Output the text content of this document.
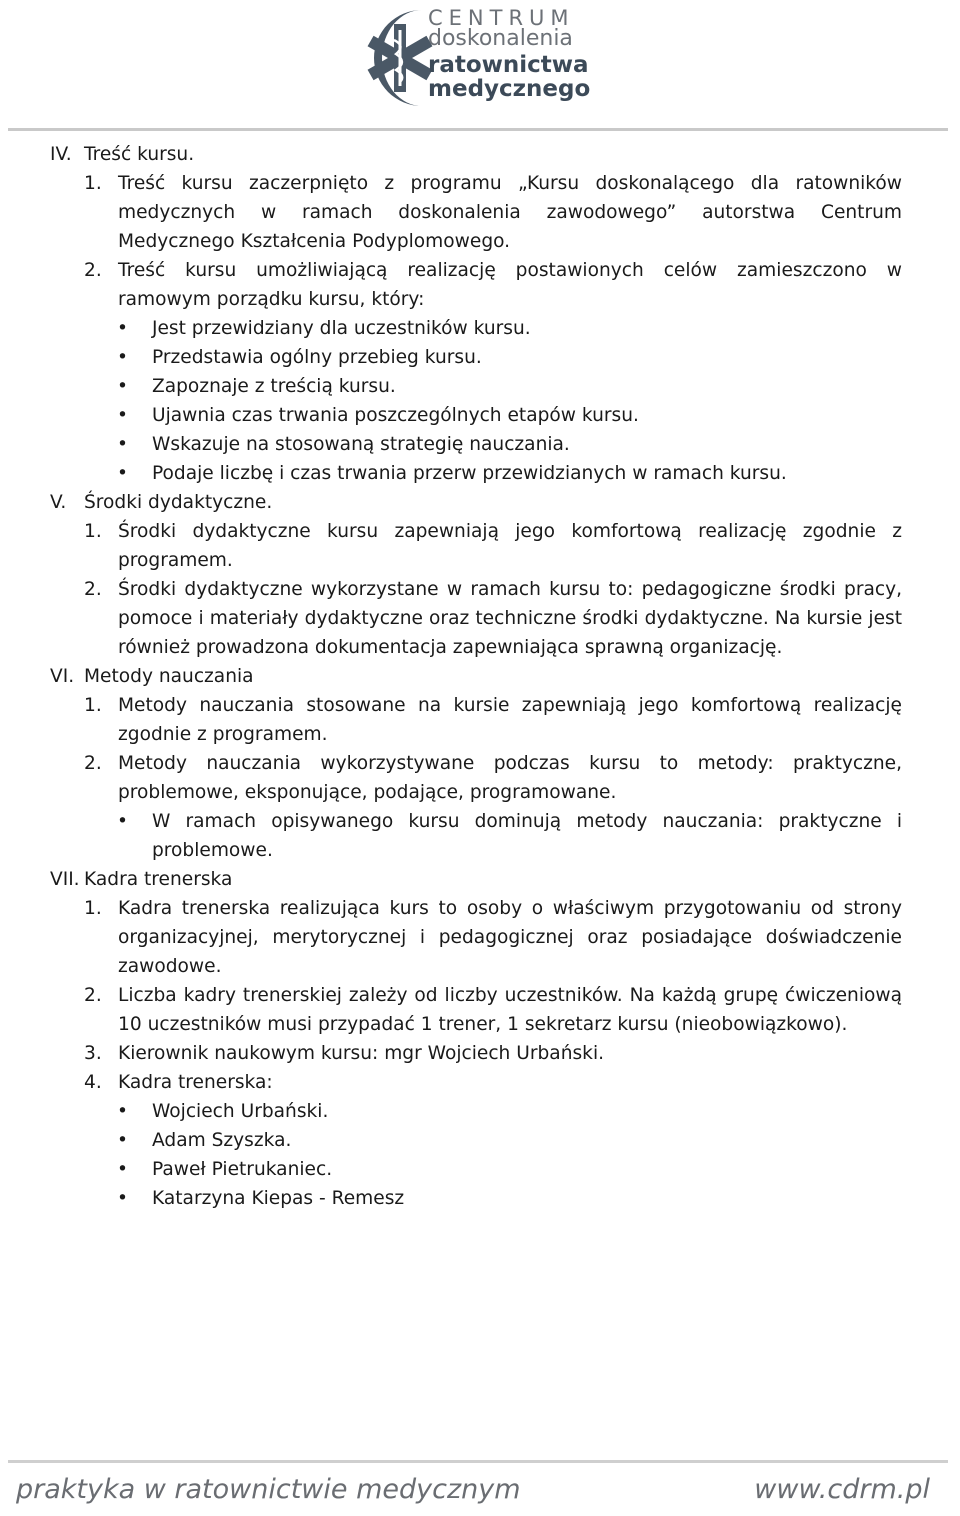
CENTRUM
doskonalenia
ratownictwa
medycznego
IV. Treść kursu.
1. Treść kursu zaczerpnięto z programu „Kursu doskonalącego dla ratowników medycznych w ramach doskonalenia zawodowego” autorstwa Centrum Medycznego Kształcenia Podyplomowego.
2. Treść kursu umożliwiającą realizację postawionych celów zamieszczono w ramowym porządku kursu, który:
• Jest przewidziany dla uczestników kursu.
• Przedstawia ogólny przebieg kursu.
• Zapoznaje z treścią kursu.
• Ujawnia czas trwania poszczególnych etapów kursu.
• Wskazuje na stosowaną strategię nauczania.
• Podaje liczbę i czas trwania przerw przewidzianych w ramach kursu.
V. Środki dydaktyczne.
1. Środki dydaktyczne kursu zapewniają jego komfortową realizację zgodnie z programem.
2. Środki dydaktyczne wykorzystane w ramach kursu to: pedagogiczne środki pracy, pomoce i materiały dydaktyczne oraz techniczne środki dydaktyczne. Na kursie jest również prowadzona dokumentacja zapewniająca sprawną organizację.
VI. Metody nauczania
1. Metody nauczania stosowane na kursie zapewniają jego komfortową realizację zgodnie z programem.
2. Metody nauczania wykorzystywane podczas kursu to metody: praktyczne, problemowe, eksponujące, podające, programowane.
• W ramach opisywanego kursu dominują metody nauczania: praktyczne i problemowe.
VII. Kadra trenerska
1. Kadra trenerska realizująca kurs to osoby o właściwym przygotowaniu od strony organizacyjnej, merytorycznej i pedagogicznej oraz posiadające doświadczenie zawodowe.
2. Liczba kadry trenerskiej zależy od liczby uczestników. Na każdą grupę ćwiczeniową 10 uczestników musi przypadać 1 trener, 1 sekretarz kursu (nieobowiązkowo).
3. Kierownik naukowym kursu: mgr Wojciech Urbański.
4. Kadra trenerska:
• Wojciech Urbański.
• Adam Szyszka.
• Paweł Pietrukaniec.
• Katarzyna Kiepas - Remesz
praktyka w ratownictwie medycznym	www.cdrm.pl
